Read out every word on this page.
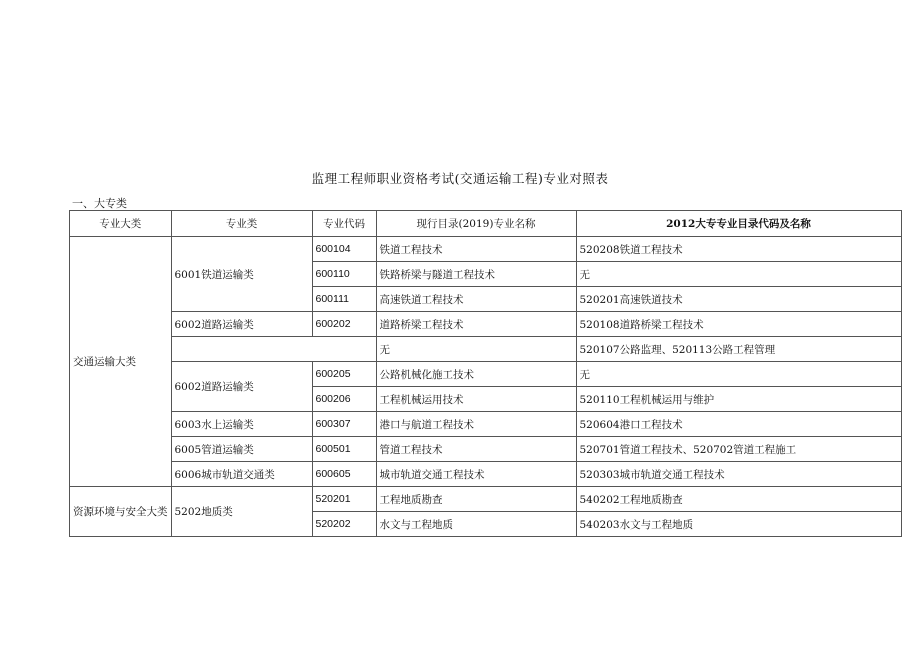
监理工程师职业资格考试(交通运输工程)专业对照表
一、大专类
专业大类	专业类	专业代码	现行目录(2019)专业名称	2012大专专业目录代码及名称
交通运输大类	6001铁道运输类	600104	铁道工程技术	520208铁道工程技术
		600110	铁路桥梁与隧道工程技术	无
		600111	高速铁道工程技术	520201高速铁道技术
	6002道路运输类	600202	道路桥梁工程技术	520108道路桥梁工程技术
			无	520107公路监理、520113公路工程管理
	6002道路运输类	600205	公路机械化施工技术	无
		600206	工程机械运用技术	520110工程机械运用与维护
	6003水上运输类	600307	港口与航道工程技术	520604港口工程技术
	6005管道运输类	600501	管道工程技术	520701管道工程技术、520702管道工程施工
	6006城市轨道交通类	600605	城市轨道交通工程技术	520303城市轨道交通工程技术
资源环境与安全大类	5202地质类	520201	工程地质勘查	540202工程地质勘查
		520202	水文与工程地质	540203水文与工程地质
